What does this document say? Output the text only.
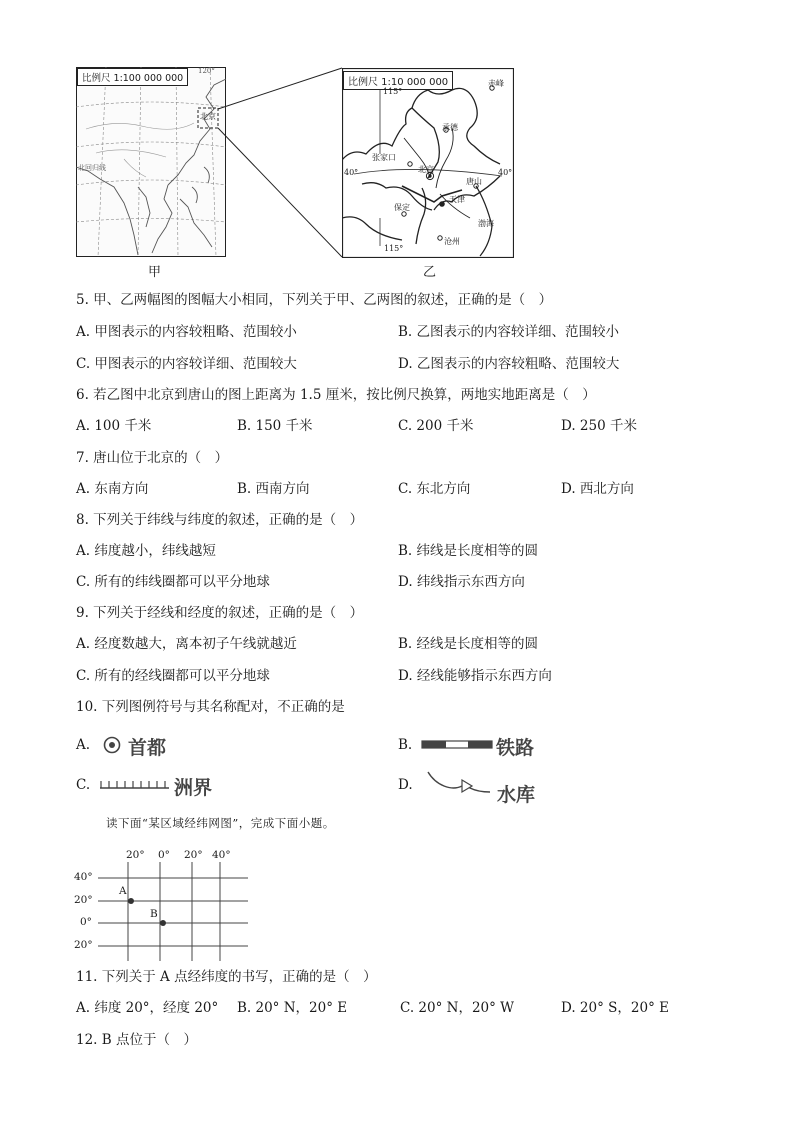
比例尺 1:100 000 000
120°
北京
北回归线
甲
比例尺 1:10 000 000
115°
115°
40°	40°
赤峰
承德
张家口
北京
唐山
天津
保定
渤海
沧州
乙
5. 甲、乙两幅图的图幅大小相同，下列关于甲、乙两图的叙述，正确的是（　）
A. 甲图表示的内容较粗略、范围较小	B. 乙图表示的内容较详细、范围较小
C. 甲图表示的内容较详细、范围较大	D. 乙图表示的内容较粗略、范围较大
6. 若乙图中北京到唐山的图上距离为 1.5 厘米，按比例尺换算，两地实地距离是（　）
A. 100 千米	B. 150 千米	C. 200 千米	D. 250 千米
7. 唐山位于北京的（　）
A. 东南方向	B. 西南方向	C. 东北方向	D. 西北方向
8. 下列关于纬线与纬度的叙述，正确的是（　）
A. 纬度越小，纬线越短	B. 纬线是长度相等的圆
C. 所有的纬线圈都可以平分地球	D. 纬线指示东西方向
9. 下列关于经线和经度的叙述，正确的是（　）
A. 经度数越大，离本初子午线就越近	B. 经线是长度相等的圆
C. 所有的经线圈都可以平分地球	D. 经线能够指示东西方向
10. 下列图例符号与其名称配对，不正确的是
A. 首都	B.	铁路
C.	洲界	D.	水库
读下面“某区域经纬网图”，完成下面小题。
20° 0° 20° 40°
40°
20°
0°
20°
A
B
11. 下列关于 A 点经纬度的书写，正确的是（　）
A. 纬度 20°，经度 20° B. 20° N，20° E	C. 20° N，20° W	D. 20° S，20° E
12. B 点位于（　）
